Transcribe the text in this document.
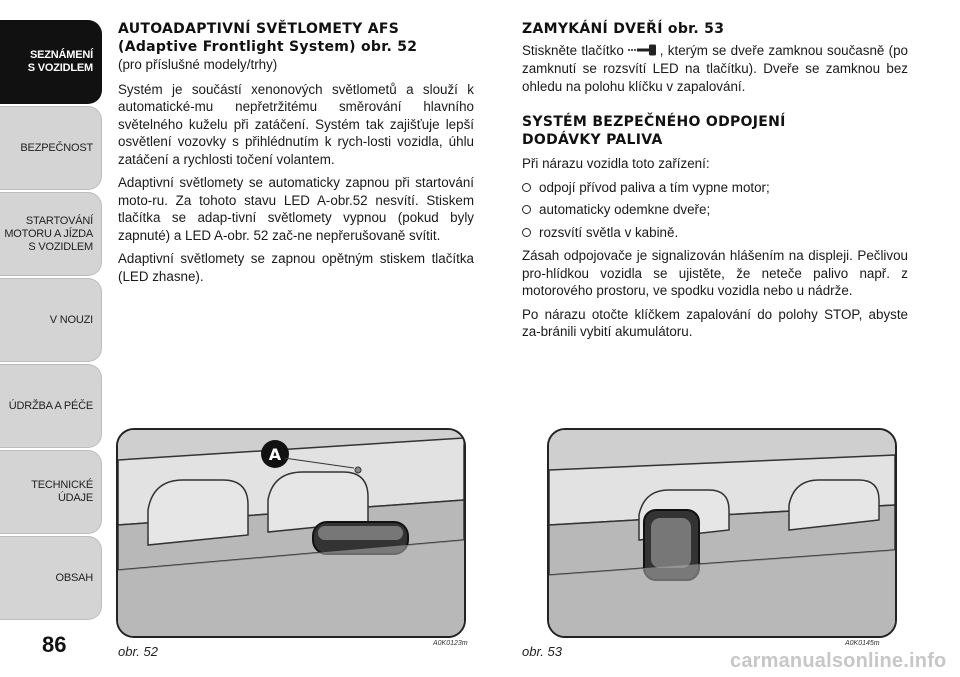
SEZNÁMENÍ
S VOZIDLEM
BEZPEČNOST
STARTOVÁNÍ
MOTORU A JÍZDA
S VOZIDLEM
V NOUZI
ÚDRŽBA A PÉČE
TECHNICKÉ
ÚDAJE
OBSAH
86
AUTOADAPTIVNÍ SVĚTLOMETY AFS
(Adaptive Frontlight System) obr. 52

(pro příslušné modely/trhy)

Systém je součástí xenonových světlometů a slouží k automatické-mu nepřetržitému směrování hlavního světelného kuželu při zatáčení. Systém tak zajišťuje lepší osvětlení vozovky s přihlédnutím k rych-losti vozidla, úhlu zatáčení a rychlosti točení volantem.

Adaptivní světlomety se automaticky zapnou při startování moto-ru. Za tohoto stavu LED A-obr.52 nesvítí. Stiskem tlačítka se adap-tivní světlomety vypnou (pokud byly zapnuté) a LED A-obr. 52 zač-ne nepřerušovaně svítit.

Adaptivní světlomety se zapnou opětným stiskem tlačítka (LED zhasne).

ZAMYKÁNÍ DVEŘÍ obr. 53

Stiskněte tlačítko	, kterým se dveře zamknou současně (po zamknutí se rozsvítí LED na tlačítku). Dveře se zamknou bez ohledu na polohu klíčku v zapalování.

SYSTÉM BEZPEČNÉHO ODPOJENÍ
DODÁVKY PALIVA

Při nárazu vozidla toto zařízení:

odpojí přívod paliva a tím vypne motor;
automaticky odemkne dveře;
rozsvítí světla v kabině.

Zásah odpojovače je signalizován hlášením na displeji. Pečlivou pro-hlídkou vozidla se ujistěte, že neteče palivo např. z motorového prostoru, ve spodku vozidla nebo u nádrže.

Po nárazu otočte klíčkem zapalování do polohy STOP, abyste za-bránili vybití akumulátoru.

A
obr. 52
A0K0123m
obr. 53
A0K0145m
carmanualsonline.info
